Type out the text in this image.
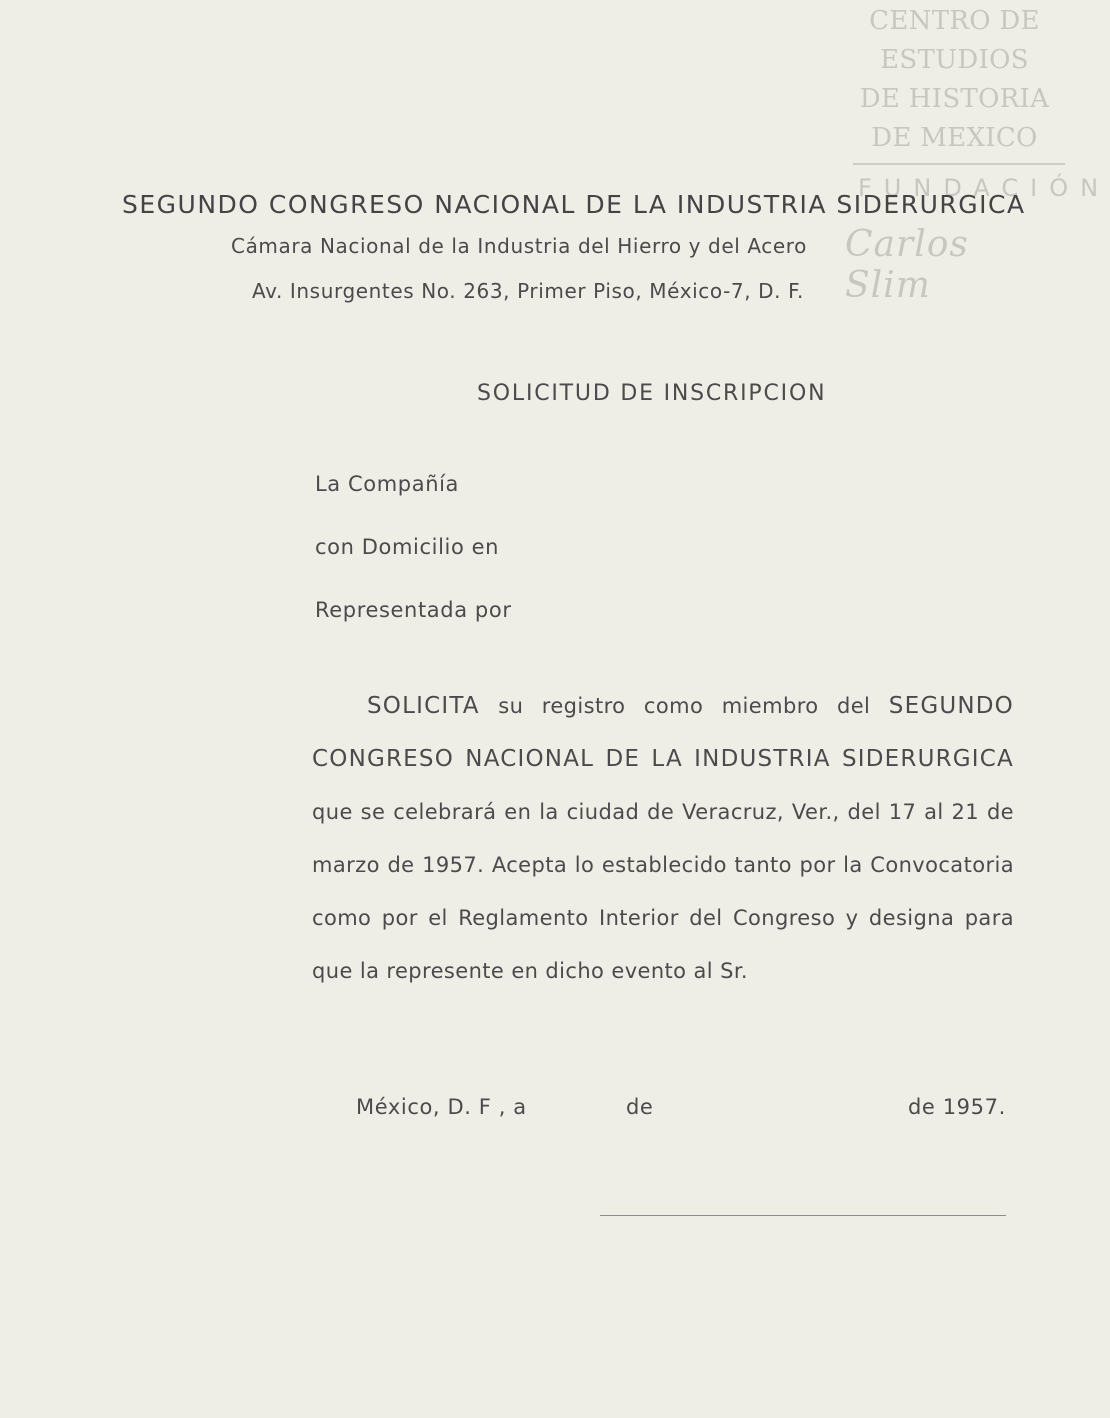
CENTRO DE
ESTUDIOS
DE HISTORIA
DE MEXICO
FUNDACIÓN
Carlos Slim
SEGUNDO CONGRESO NACIONAL DE LA INDUSTRIA SIDERURGICA
Cámara Nacional de la Industria del Hierro y del Acero
Av. Insurgentes No. 263, Primer Piso, México-7, D. F.
SOLICITUD DE INSCRIPCION
La Compañía
con Domicilio en
Representada por
SOLICITA su registro como miembro del SEGUNDO CONGRESO NACIONAL DE LA INDUSTRIA SIDERURGICA que se celebrará en la ciudad de Veracruz, Ver., del 17 al 21 de marzo de 1957. Acepta lo establecido tanto por la Convocatoria como por el Reglamento Interior del Congreso y designa para que la represente en dicho evento al Sr.
México, D. F , a	de	de 1957.
